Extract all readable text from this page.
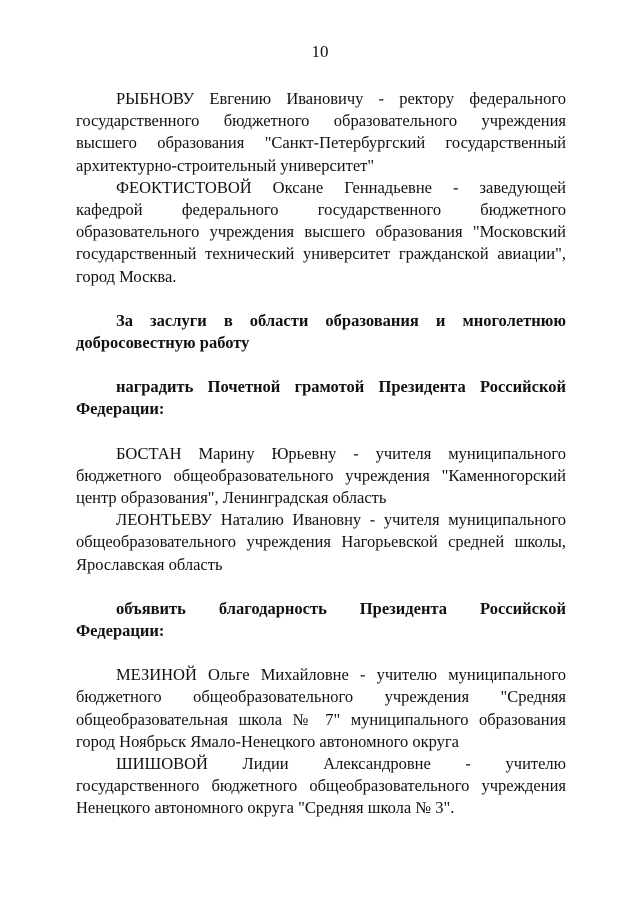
10

РЫБНОВУ Евгению Ивановичу - ректору федерального государственного бюджетного образовательного учреждения высшего образования "Санкт-Петербургский государственный архитектурно-строительный университет"

ФЕОКТИСТОВОЙ Оксане Геннадьевне - заведующей кафедрой федерального государственного бюджетного образовательного учреждения высшего образования "Московский государственный технический университет гражданской авиации", город Москва.

За заслуги в области образования и многолетнюю добросовестную работу

наградить Почетной грамотой Президента Российской Федерации:

БОСТАН Марину Юрьевну - учителя муниципального бюджетного общеобразовательного учреждения "Каменногорский центр образования", Ленинградская область

ЛЕОНТЬЕВУ Наталию Ивановну - учителя муниципального общеобразовательного учреждения Нагорьевской средней школы, Ярославская область

объявить благодарность Президента Российской Федерации:

МЕЗИНОЙ Ольге Михайловне - учителю муниципального бюджетного общеобразовательного учреждения "Средняя общеобразовательная школа № 7" муниципального образования город Ноябрьск Ямало-Ненецкого автономного округа

ШИШОВОЙ Лидии Александровне - учителю государственного бюджетного общеобразовательного учреждения Ненецкого автономного округа "Средняя школа № 3".
